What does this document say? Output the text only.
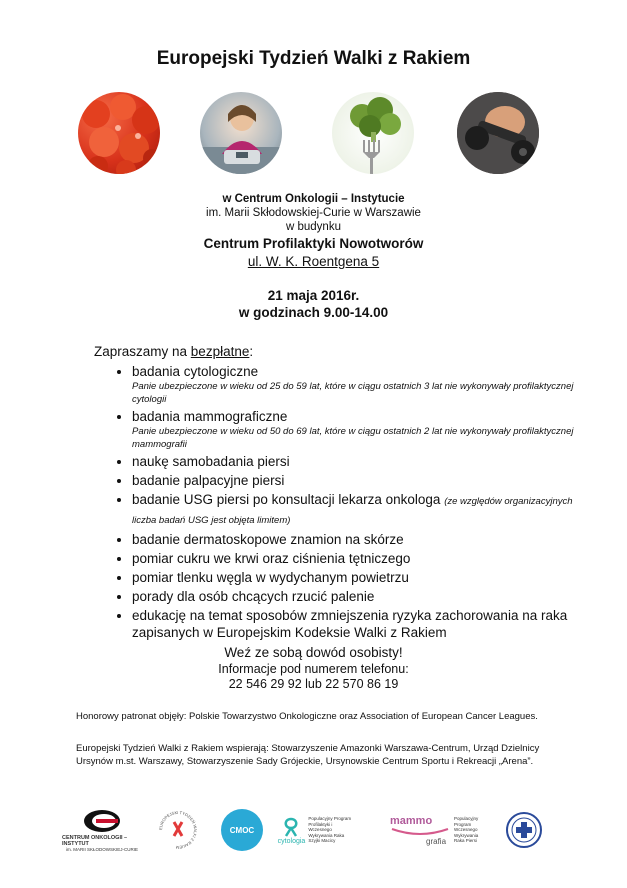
Europejski Tydzień Walki z Rakiem
w Centrum Onkologii – Instytucie
im. Marii Skłodowskiej-Curie w Warszawie
w budynku
Centrum Profilaktyki Nowotworów
ul. W. K. Roentgena 5
21 maja 2016r.
w godzinach 9.00-14.00
Zapraszamy na bezpłatne:
• badania cytologiczne
Panie ubezpieczone w wieku od 25 do 59 lat, które w ciągu ostatnich 3 lat nie wykonywały profilaktycznej cytologii
• badania mammograficzne
Panie ubezpieczone w wieku od 50 do 69 lat, które w ciągu ostatnich 2 lat nie wykonywały profilaktycznej mammografii
• naukę samobadania piersi
• badanie palpacyjne piersi
• badanie USG piersi po konsultacji lekarza onkologa (ze względów organizacyjnych liczba badań USG jest objęta limitem)
• badanie dermatoskopowe znamion na skórze
• pomiar cukru we krwi oraz ciśnienia tętniczego
• pomiar tlenku węgla w wydychanym powietrzu
• porady dla osób chcących rzucić palenie
• edukację na temat sposobów zmniejszenia ryzyka zachorowania na raka zapisanych w Europejskim Kodeksie Walki z Rakiem
Weź ze sobą dowód osobisty!
Informacje pod numerem telefonu:
22 546 29 92 lub 22 570 86 19
Honorowy patronat objęły: Polskie Towarzystwo Onkologiczne oraz Association of European Cancer Leagues.
Europejski Tydzień Walki z Rakiem wspierają: Stowarzyszenie Amazonki Warszawa-Centrum, Urząd Dzielnicy Ursynów m.st. Warszawy, Stowarzyszenie Sady Grójeckie, Ursynowskie Centrum Sportu i Rekreacji „Arena”.
CENTRUM ONKOLOGII – INSTYTUT
im. MARII SKŁODOWSKIEJ-CURIE
EUROPEJSKI TYDZIEŃ WALKI Z RAKIEM
CMOC
cytologia
Populacyjny Program Profilaktyki i Wczesnego Wykrywania Raka Szyjki Macicy
mammo
grafia
Populacyjny Program Wczesnego Wykrywania Raka Piersi
